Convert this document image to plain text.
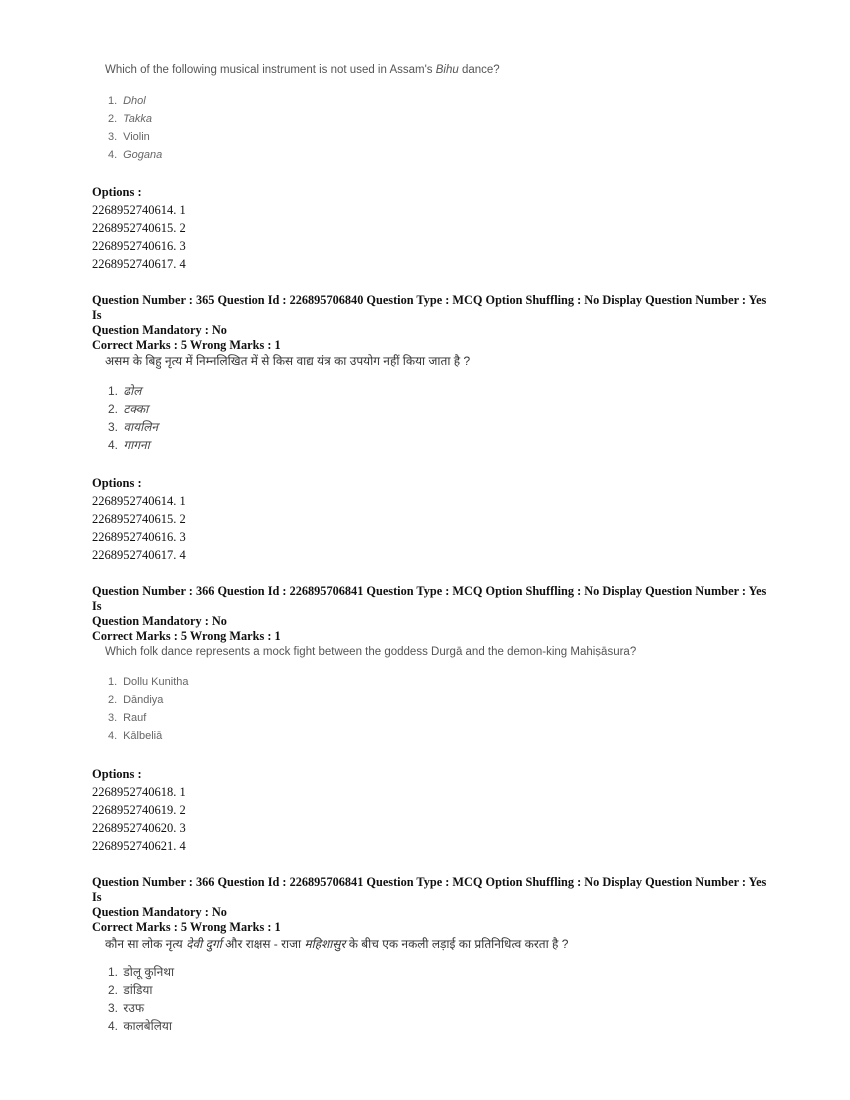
Which of the following musical instrument is not used in Assam's Bihu dance?
1. Dhol
2. Takka
3. Violin
4. Gogana
Options :
2268952740614. 1
2268952740615. 2
2268952740616. 3
2268952740617. 4
Question Number : 365 Question Id : 226895706840 Question Type : MCQ Option Shuffling : No Display Question Number : Yes Is
Question Mandatory : No
Correct Marks : 5 Wrong Marks : 1
असम के बिहु नृत्य में निम्नलिखित में से किस वाद्य यंत्र का उपयोग नहीं किया जाता है ?
1. ढोल
2. टक्का
3. वायलिन
4. गागना
Options :
2268952740614. 1
2268952740615. 2
2268952740616. 3
2268952740617. 4
Question Number : 366 Question Id : 226895706841 Question Type : MCQ Option Shuffling : No Display Question Number : Yes Is
Question Mandatory : No
Correct Marks : 5 Wrong Marks : 1
Which folk dance represents a mock fight between the goddess Durgā and the demon-king Mahiṣāsura?
1. Dollu Kunitha
2. Dāndiya
3. Rauf
4. Kālbeliā
Options :
2268952740618. 1
2268952740619. 2
2268952740620. 3
2268952740621. 4
Question Number : 366 Question Id : 226895706841 Question Type : MCQ Option Shuffling : No Display Question Number : Yes Is
Question Mandatory : No
Correct Marks : 5 Wrong Marks : 1
कौन सा लोक नृत्य देवी दुर्गा और राक्षस - राजा महिशासुर के बीच एक नकली लड़ाई का प्रतिनिधित्व करता है ?
1. डोलू कुनिथा
2. डांडिया
3. रउफ
4. कालबेलिया
